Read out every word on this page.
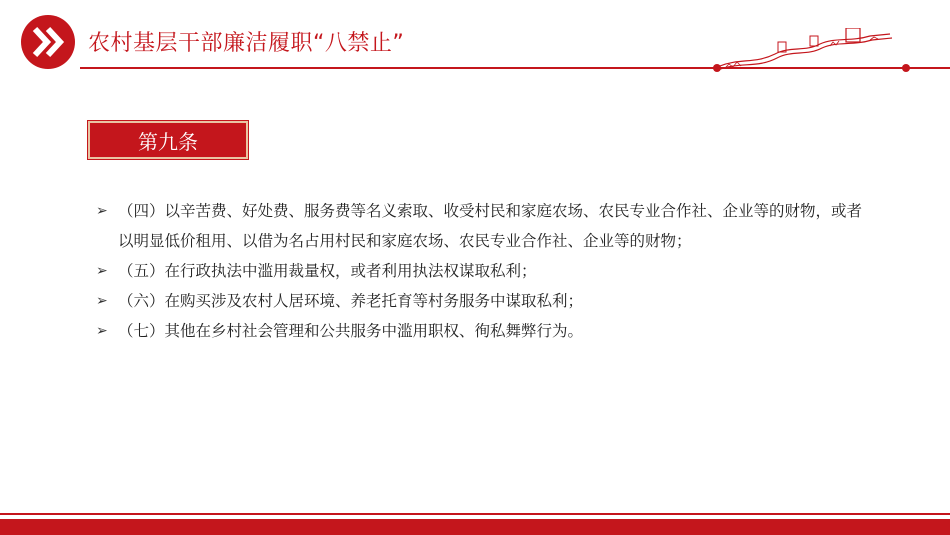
农村基层干部廉洁履职“八禁止”
第九条
➢ （四）以辛苦费、好处费、服务费等名义索取、收受村民和家庭农场、农民专业合作社、企业等的财物，或者以明显低价租用、以借为名占用村民和家庭农场、农民专业合作社、企业等的财物；
➢ （五）在行政执法中滥用裁量权，或者利用执法权谋取私利；
➢ （六）在购买涉及农村人居环境、养老托育等村务服务中谋取私利；
➢ （七）其他在乡村社会管理和公共服务中滥用职权、徇私舞弊行为。
